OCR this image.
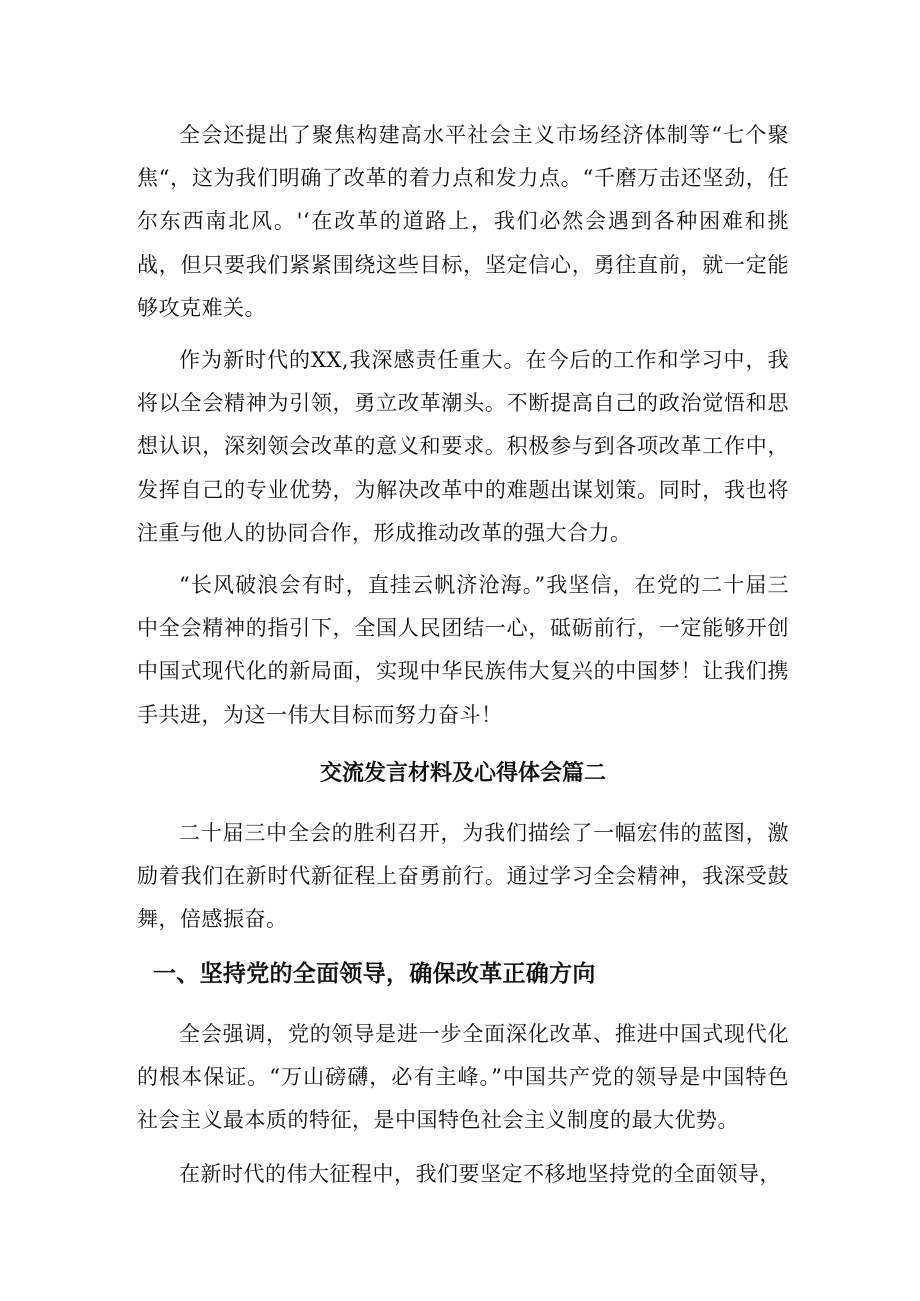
全会还提出了聚焦构建高水平社会主义市场经济体制等“七个聚焦“，这为我们明确了改革的着力点和发力点。“千磨万击还坚劲，任尔东西南北风。'‘在改革的道路上，我们必然会遇到各种困难和挑战，但只要我们紧紧围绕这些目标，坚定信心，勇往直前，就一定能够攻克难关。

作为新时代的XX,我深感责任重大。在今后的工作和学习中，我将以全会精神为引领，勇立改革潮头。不断提高自己的政治觉悟和思想认识，深刻领会改革的意义和要求。积极参与到各项改革工作中，发挥自己的专业优势，为解决改革中的难题出谋划策。同时，我也将注重与他人的协同合作，形成推动改革的强大合力。

“长风破浪会有时，直挂云帆济沧海。”我坚信，在党的二十届三中全会精神的指引下，全国人民团结一心，砥砺前行，一定能够开创中国式现代化的新局面，实现中华民族伟大复兴的中国梦！让我们携手共进，为这一伟大目标而努力奋斗！

交流发言材料及心得体会篇二

二十届三中全会的胜利召开，为我们描绘了一幅宏伟的蓝图，激励着我们在新时代新征程上奋勇前行。通过学习全会精神，我深受鼓舞，倍感振奋。

一、坚持党的全面领导，确保改革正确方向

全会强调，党的领导是进一步全面深化改革、推进中国式现代化的根本保证。“万山磅礴，必有主峰。”中国共产党的领导是中国特色社会主义最本质的特征，是中国特色社会主义制度的最大优势。

在新时代的伟大征程中，我们要坚定不移地坚持党的全面领导，
